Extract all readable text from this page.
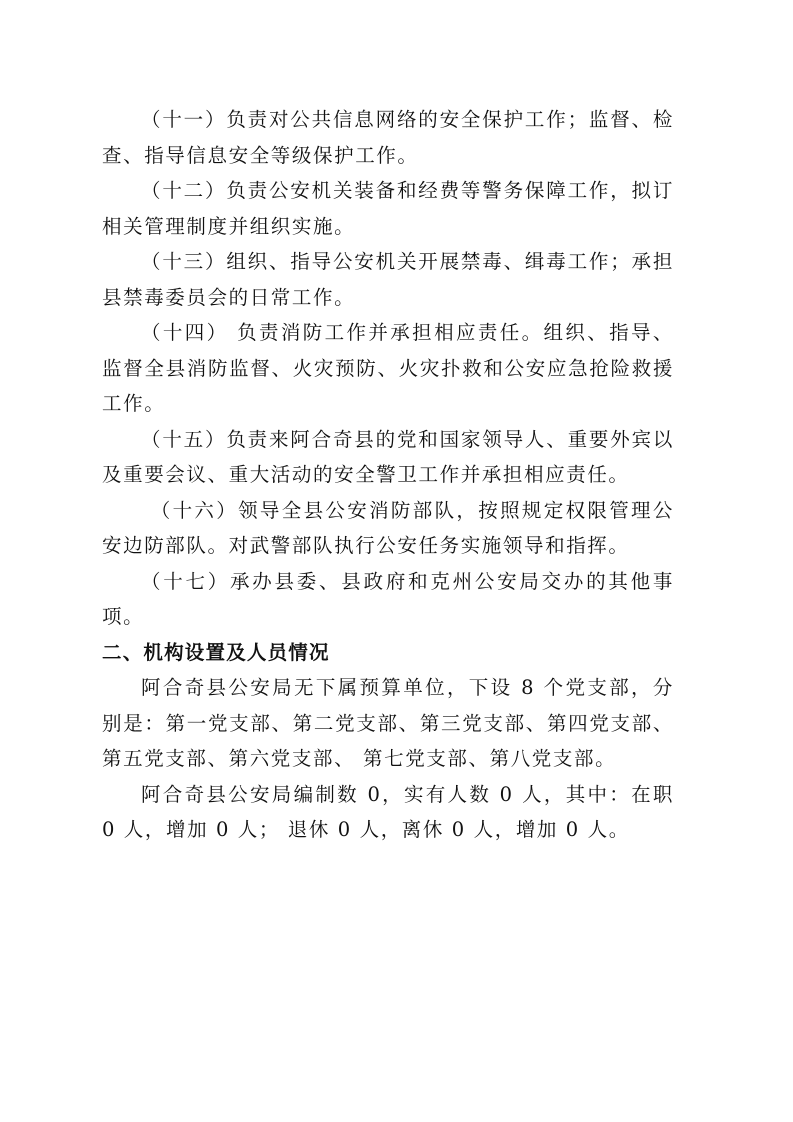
（十一）负责对公共信息网络的安全保护工作；监督、检查、指导信息安全等级保护工作。

（十二）负责公安机关装备和经费等警务保障工作，拟订相关管理制度并组织实施。

（十三）组织、指导公安机关开展禁毒、缉毒工作；承担县禁毒委员会的日常工作。

（十四） 负责消防工作并承担相应责任。组织、指导、监督全县消防监督、火灾预防、火灾扑救和公安应急抢险救援工作。

（十五）负责来阿合奇县的党和国家领导人、重要外宾以及重要会议、重大活动的安全警卫工作并承担相应责任。

（十六）领导全县公安消防部队，按照规定权限管理公安边防部队。对武警部队执行公安任务实施领导和指挥。

（十七）承办县委、县政府和克州公安局交办的其他事项。

二、机构设置及人员情况

阿合奇县公安局无下属预算单位，下设 8 个党支部，分别是：第一党支部、第二党支部、第三党支部、第四党支部、第五党支部、第六党支部、 第七党支部、第八党支部。

阿合奇县公安局编制数 0，实有人数 0 人，其中：在职 0 人，增加 0 人； 退休 0 人，离休 0 人，增加 0 人。
